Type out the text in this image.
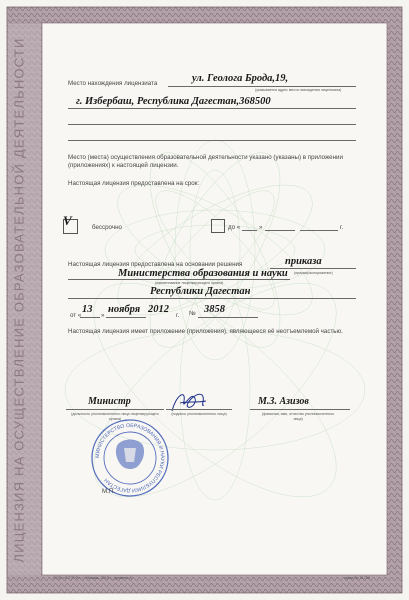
ЛИЦЕНЗИЯ НА ОСУЩЕСТВЛЕНИЕ ОБРАЗОВАТЕЛЬНОЙ ДЕЯТЕЛЬНОСТИ	Место нахождения лицензиата	ул. Геолога Брода,19,
(указывается адрес места нахождения лицензиата)
г. Избербаш, Республика Дагестан,368500
Место (места) осуществления образовательной деятельности указано (указаны) в приложении (приложениях) к настоящей лицензии.
Настоящая лицензия предоставлена на срок:
V	бессрочно	до «	»	г.
Настоящая лицензия предоставлена на основании решения	приказа
Министерства образования и науки (приказ/распоряжение)
(наименование лицензирующего органа)
Республики Дагестан
от «
13
»
ноября 2012
г. № 3858
Настоящая лицензия имеет приложение (приложения), являющееся её неотъемлемой частью.
Министр
(должность уполномоченного лица лицензирующего органа)
(подпись уполномоченного лица)
М.З. Азизов
(фамилия, имя, отчество уполномоченного лица)
МИНИСТЕРСТВО ОБРАЗОВАНИЯ И НАУКИ РЕСПУБЛИКИ ДАГЕСТАН
М.П.
ООО «Л.Т.П.Ф», г. Москва, 2012 г., уровень А	заказ № 31798
